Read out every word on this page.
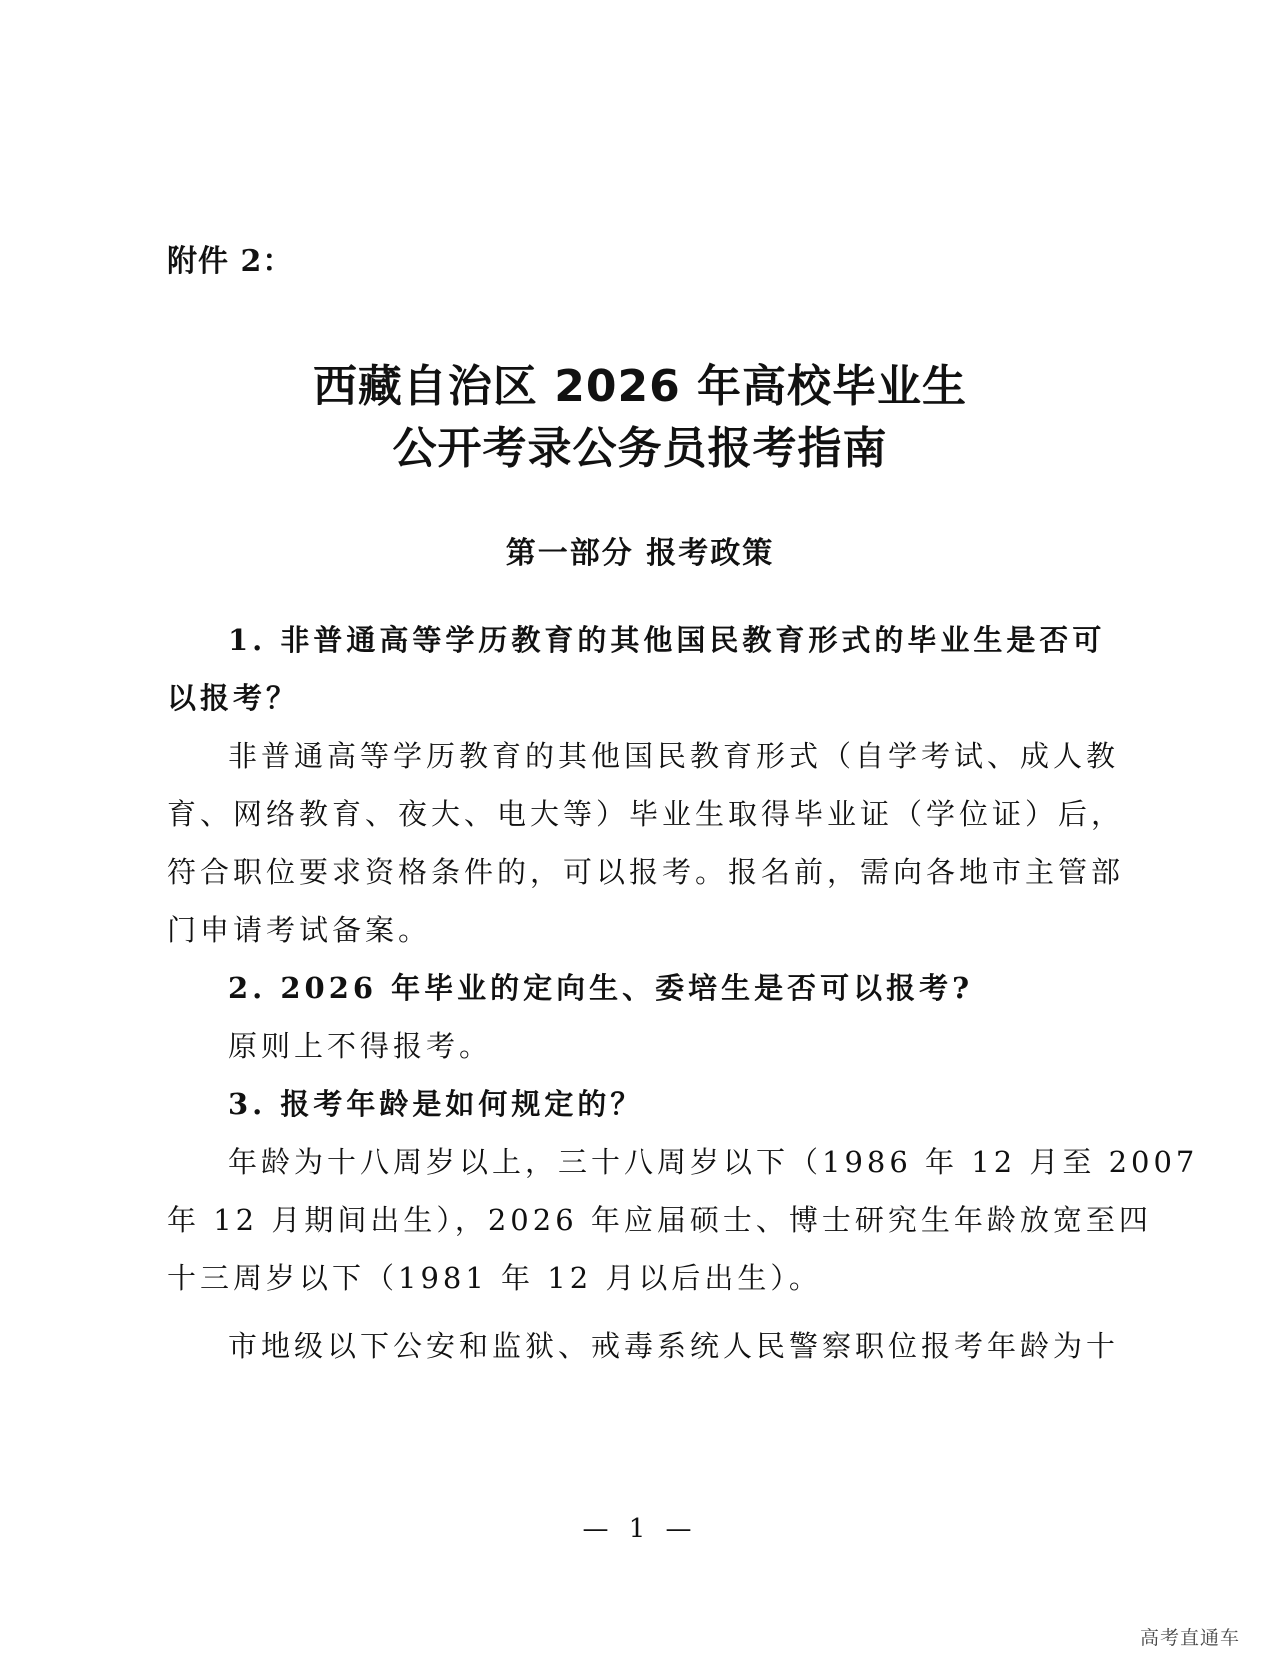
附件 2：
西藏自治区 2026 年高校毕业生
公开考录公务员报考指南
第一部分 报考政策
1. 非普通高等学历教育的其他国民教育形式的毕业生是否可
以报考？
非普通高等学历教育的其他国民教育形式（自学考试、成人教
育、网络教育、夜大、电大等）毕业生取得毕业证（学位证）后，
符合职位要求资格条件的，可以报考。报名前，需向各地市主管部
门申请考试备案。
2. 2026 年毕业的定向生、委培生是否可以报考?
原则上不得报考。
3. 报考年龄是如何规定的？
年龄为十八周岁以上，三十八周岁以下（1986 年 12 月至 2007
年 12 月期间出生），2026 年应届硕士、博士研究生年龄放宽至四
十三周岁以下（1981 年 12 月以后出生）。
市地级以下公安和监狱、戒毒系统人民警察职位报考年龄为十
— 1 —
高考直通车
